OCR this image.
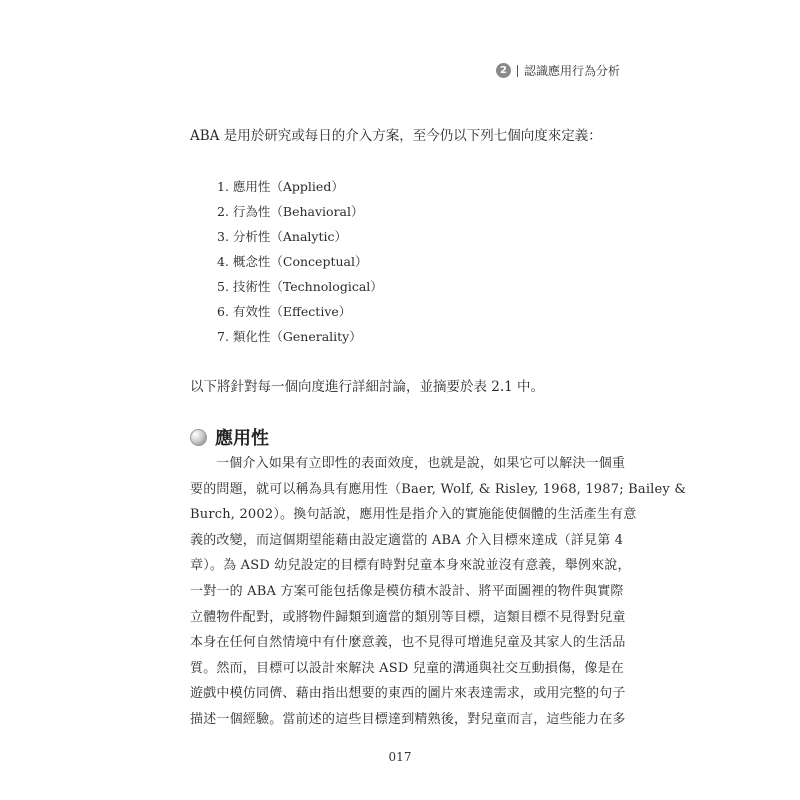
2	認識應用行為分析
ABA 是用於研究或每日的介入方案，至今仍以下列七個向度來定義：
1. 應用性（Applied）
2. 行為性（Behavioral）
3. 分析性（Analytic）
4. 概念性（Conceptual）
5. 技術性（Technological）
6. 有效性（Effective）
7. 類化性（Generality）
以下將針對每一個向度進行詳細討論，並摘要於表 2.1 中。
應用性
一個介入如果有立即性的表面效度，也就是說，如果它可以解決一個重
要的問題，就可以稱為具有應用性（Baer, Wolf, & Risley, 1968, 1987; Bailey &
Burch, 2002）。換句話說，應用性是指介入的實施能使個體的生活產生有意
義的改變，而這個期望能藉由設定適當的 ABA 介入目標來達成（詳見第 4
章）。為 ASD 幼兒設定的目標有時對兒童本身來說並沒有意義，舉例來說，
一對一的 ABA 方案可能包括像是模仿積木設計、將平面圖裡的物件與實際
立體物件配對，或將物件歸類到適當的類別等目標，這類目標不見得對兒童
本身在任何自然情境中有什麼意義，也不見得可增進兒童及其家人的生活品
質。然而，目標可以設計來解決 ASD 兒童的溝通與社交互動損傷，像是在
遊戲中模仿同儕、藉由指出想要的東西的圖片來表達需求，或用完整的句子
描述一個經驗。當前述的這些目標達到精熟後，對兒童而言，這些能力在多
017
